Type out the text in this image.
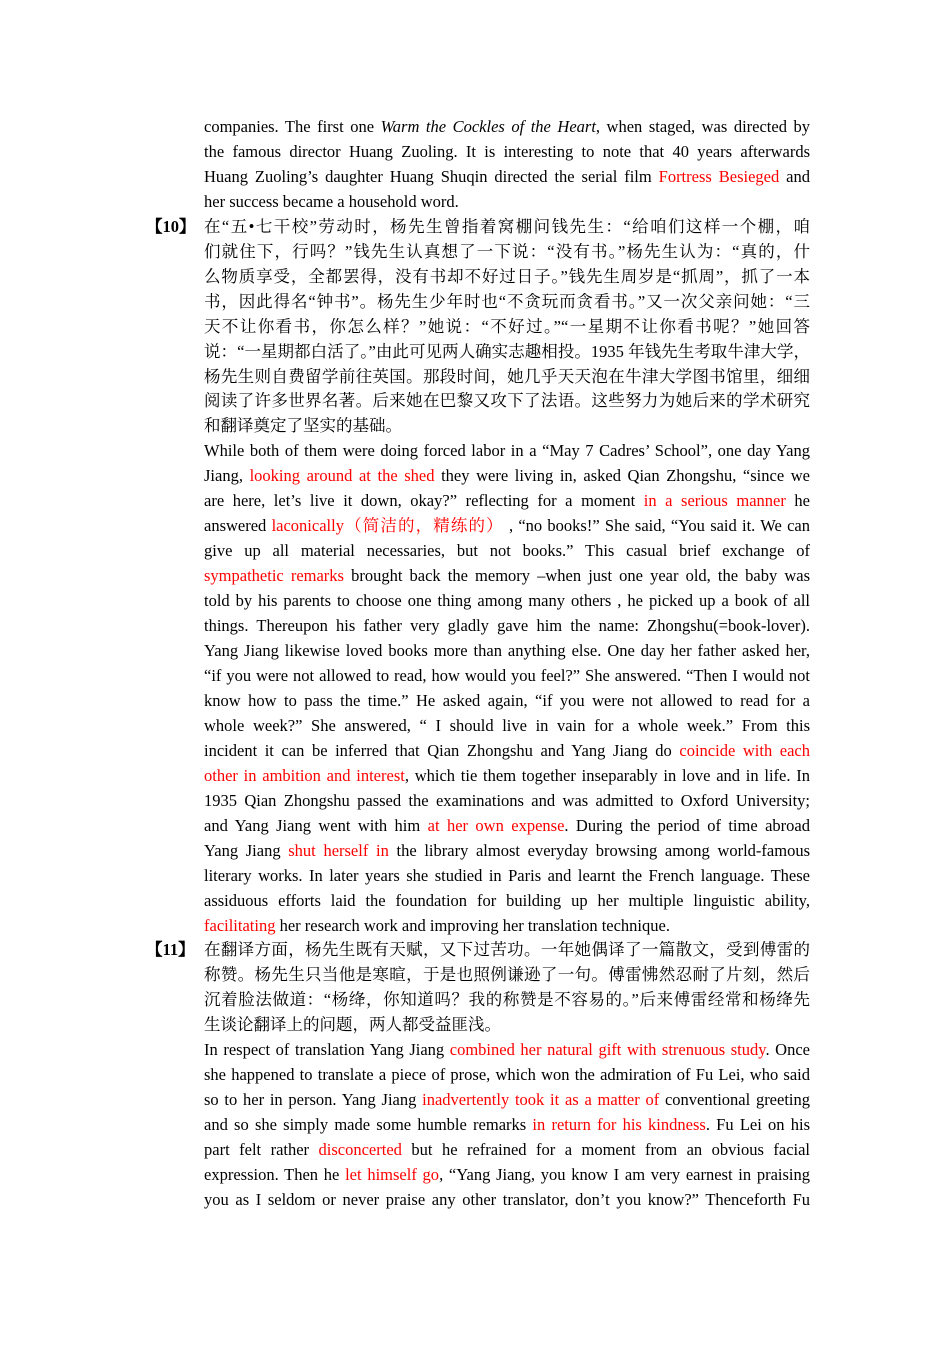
companies. The first one Warm the Cockles of the Heart, when staged, was directed by
the famous director Huang Zuoling. It is interesting to note that 40 years afterwards
Huang Zuoling’s daughter Huang Shuqin directed the serial film Fortress Besieged and
her success became a household word.
【10】 在“五•七干校”劳动时，杨先生曾指着窝棚问钱先生：“给咱们这样一个棚，咱
们就住下，行吗？”钱先生认真想了一下说：“没有书。”杨先生认为：“真的，什
么物质享受，全都罢得，没有书却不好过日子。”钱先生周岁是“抓周”，抓了一本
书，因此得名“钟书”。杨先生少年时也“不贪玩而贪看书。”又一次父亲问她：“三
天不让你看书，你怎么样？”她说：“不好过。”“一星期不让你看书呢？”她回答
说：“一星期都白活了。”由此可见两人确实志趣相投。1935 年钱先生考取牛津大学，
杨先生则自费留学前往英国。那段时间，她几乎天天泡在牛津大学图书馆里，细细
阅读了许多世界名著。后来她在巴黎又攻下了法语。这些努力为她后来的学术研究
和翻译奠定了坚实的基础。
While both of them were doing forced labor in a “May 7 Cadres’ School”, one day Yang
Jiang, looking around at the shed they were living in, asked Qian Zhongshu, “since we
are here, let’s live it down, okay?” reflecting for a moment in a serious manner he
answered laconically（简洁的，精练的） , “no books!” She said, “You said it. We can
give up all material necessaries, but not books.” This casual brief exchange of
sympathetic remarks brought back the memory –when just one year old, the baby was
told by his parents to choose one thing among many others , he picked up a book of all
things. Thereupon his father very gladly gave him the name: Zhongshu(=book-lover).
Yang Jiang likewise loved books more than anything else. One day her father asked her,
“if you were not allowed to read, how would you feel?” She answered. “Then I would not
know how to pass the time.” He asked again, “if you were not allowed to read for a
whole week?” She answered, “ I should live in vain for a whole week.” From this
incident it can be inferred that Qian Zhongshu and Yang Jiang do coincide with each
other in ambition and interest, which tie them together inseparably in love and in life. In
1935 Qian Zhongshu passed the examinations and was admitted to Oxford University;
and Yang Jiang went with him at her own expense. During the period of time abroad
Yang Jiang shut herself in the library almost everyday browsing among world-famous
literary works. In later years she studied in Paris and learnt the French language. These
assiduous efforts laid the foundation for building up her multiple linguistic ability,
facilitating her research work and improving her translation technique.
【11】 在翻译方面，杨先生既有天赋，又下过苦功。一年她偶译了一篇散文，受到傅雷的
称赞。杨先生只当他是寒暄，于是也照例谦逊了一句。傅雷怫然忍耐了片刻，然后
沉着脸法做道：“杨绛，你知道吗？我的称赞是不容易的。”后来傅雷经常和杨绛先
生谈论翻译上的问题，两人都受益匪浅。
In respect of translation Yang Jiang combined her natural gift with strenuous study. Once
she happened to translate a piece of prose, which won the admiration of Fu Lei, who said
so to her in person. Yang Jiang inadvertently took it as a matter of conventional greeting
and so she simply made some humble remarks in return for his kindness. Fu Lei on his
part felt rather disconcerted but he refrained for a moment from an obvious facial
expression. Then he let himself go, “Yang Jiang, you know I am very earnest in praising
you as I seldom or never praise any other translator, don’t you know?” Thenceforth Fu
